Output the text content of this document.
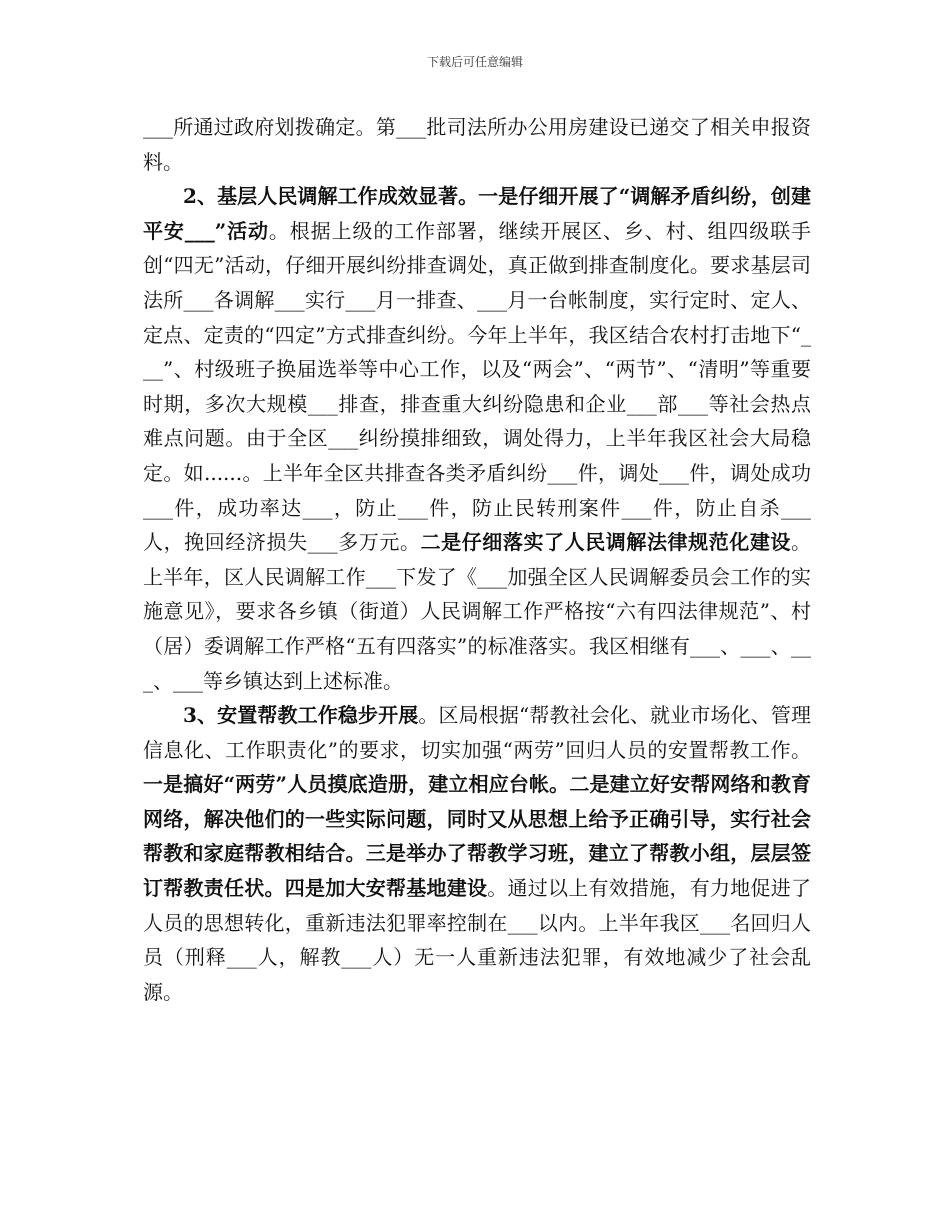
下载后可任意编辑

___所通过政府划拨确定。第___批司法所办公用房建设已递交了相关申报资料。

2、基层人民调解工作成效显著。一是仔细开展了“调解矛盾纠纷，创建平安___”活动。根据上级的工作部署，继续开展区、乡、村、组四级联手创“四无”活动，仔细开展纠纷排查调处，真正做到排查制度化。要求基层司法所___各调解___实行___月一排查、___月一台帐制度，实行定时、定人、定点、定责的“四定”方式排查纠纷。今年上半年，我区结合农村打击地下“___”、村级班子换届选举等中心工作，以及“两会”、“两节”、“清明”等重要时期，多次大规模___排查，排查重大纠纷隐患和企业___部___等社会热点难点问题。由于全区___纠纷摸排细致，调处得力，上半年我区社会大局稳定。如......。上半年全区共排查各类矛盾纠纷___件，调处___件，调处成功___件，成功率达___，防止___件，防止民转刑案件___件，防止自杀___人，挽回经济损失___多万元。二是仔细落实了人民调解法律规范化建设。上半年，区人民调解工作___下发了《___加强全区人民调解委员会工作的实施意见》，要求各乡镇（街道）人民调解工作严格按“六有四法律规范”、村（居）委调解工作严格“五有四落实”的标准落实。我区相继有___、___、___、___等乡镇达到上述标准。

3、安置帮教工作稳步开展。区局根据“帮教社会化、就业市场化、管理信息化、工作职责化”的要求，切实加强“两劳”回归人员的安置帮教工作。一是搞好“两劳”人员摸底造册，建立相应台帐。二是建立好安帮网络和教育网络，解决他们的一些实际问题，同时又从思想上给予正确引导，实行社会帮教和家庭帮教相结合。三是举办了帮教学习班，建立了帮教小组，层层签订帮教责任状。四是加大安帮基地建设。通过以上有效措施，有力地促进了人员的思想转化，重新违法犯罪率控制在___以内。上半年我区___名回归人员（刑释___人，解教___人）无一人重新违法犯罪，有效地减少了社会乱源。
